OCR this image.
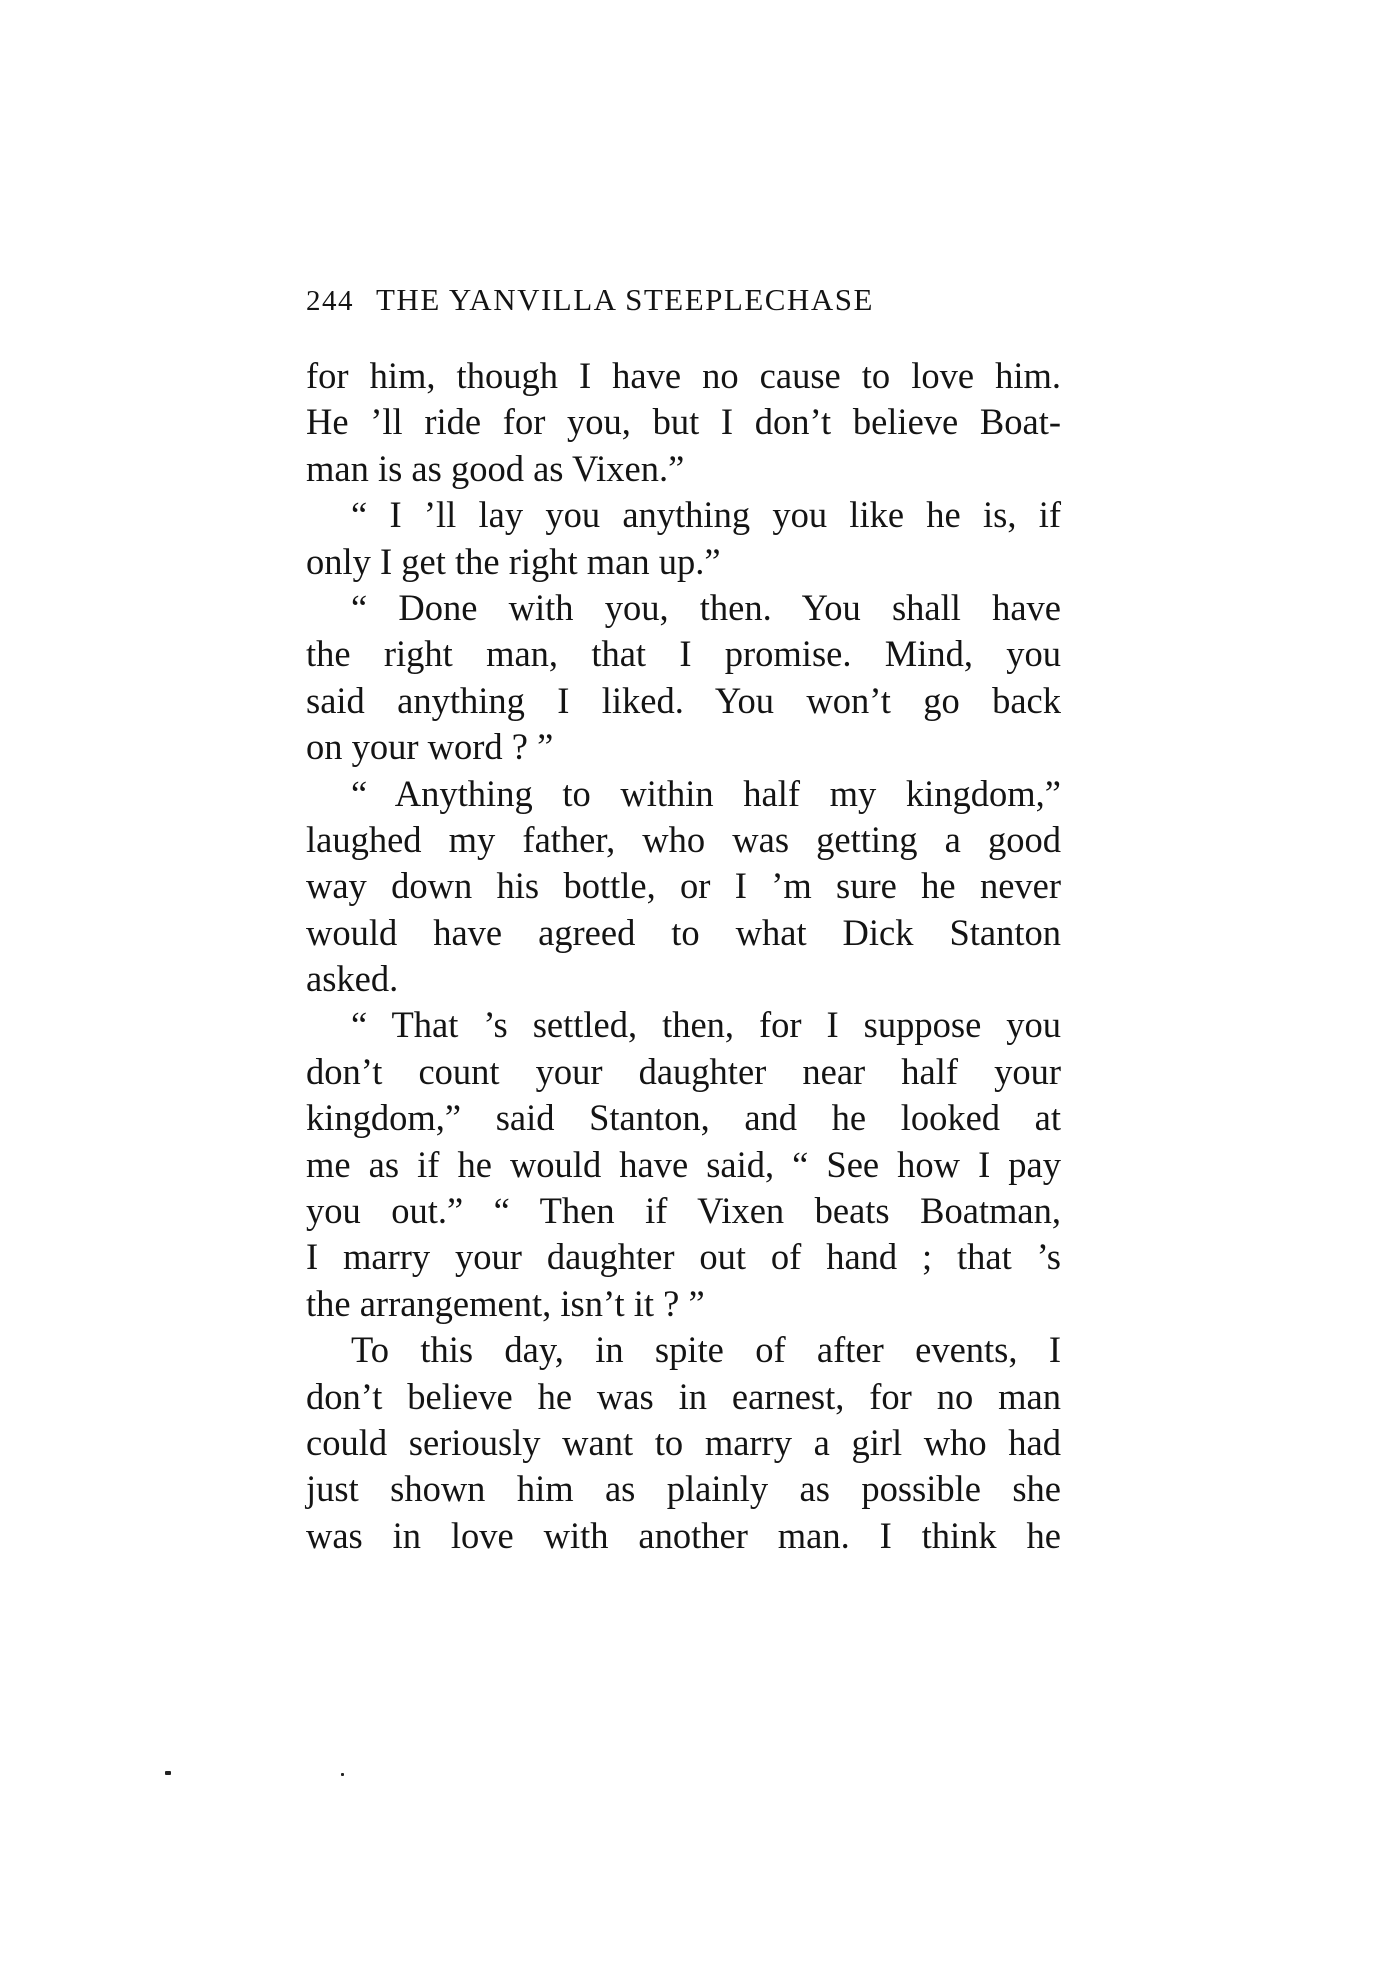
244 THE YANVILLA STEEPLECHASE
for him, though I have no cause to love him.
He ’ll ride for you, but I don’t believe Boat-
man is as good as Vixen.”
“ I ’ll lay you anything you like he is, if
only I get the right man up.”
“ Done with you, then. You shall have
the right man, that I promise. Mind, you
said anything I liked. You won’t go back
on your word ? ”
“ Anything to within half my kingdom,”
laughed my father, who was getting a good
way down his bottle, or I ’m sure he never
would have agreed to what Dick Stanton
asked.
“ That ’s settled, then, for I suppose you
don’t count your daughter near half your
kingdom,” said Stanton, and he looked at
me as if he would have said, “ See how I pay
you out.” “ Then if Vixen beats Boatman,
I marry your daughter out of hand ; that ’s
the arrangement, isn’t it ? ”
To this day, in spite of after events, I
don’t believe he was in earnest, for no man
could seriously want to marry a girl who had
just shown him as plainly as possible she
was in love with another man. I think he
